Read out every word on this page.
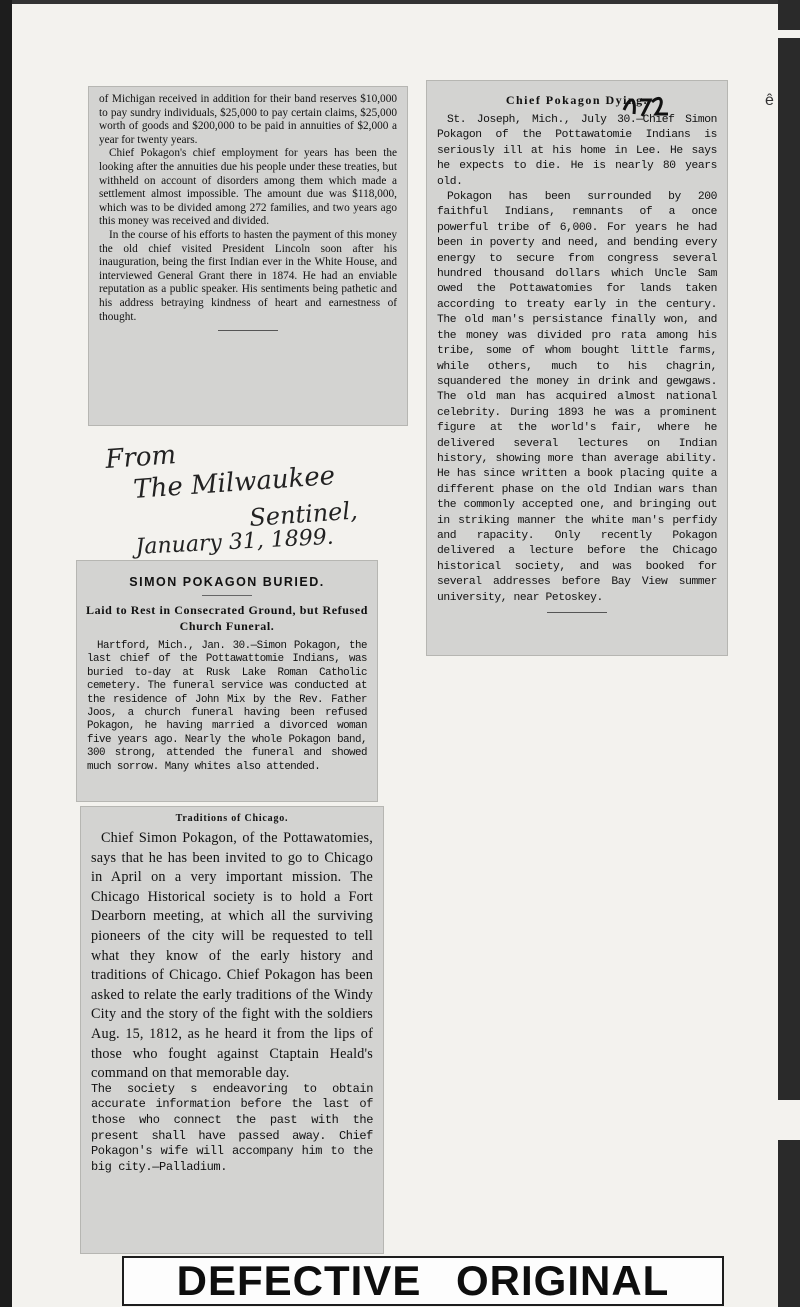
ê

of Michigan received in addition for their band reserves $10,000 to pay sundry individuals, $25,000 to pay certain claims, $25,000 worth of goods and $200,000 to be paid in annuities of $2,000 a year for twenty years.

Chief Pokagon's chief employment for years has been the looking after the annuities due his people under these treaties, but withheld on account of disorders among them which made a settlement almost impossible. The amount due was $118,000, which was to be divided among 272 families, and two years ago this money was received and divided.

In the course of his efforts to hasten the payment of this money the old chief visited President Lincoln soon after his inauguration, being the first Indian ever in the White House, and interviewed General Grant there in 1874. He had an enviable reputation as a public speaker. His sentiments being pathetic and his address betraying kindness of heart and earnestness of thought.

Chief Pokagon Dying.

St. Joseph, Mich., July 30.—Chief Simon Pokagon of the Pottawatomie Indians is seriously ill at his home in Lee. He says he expects to die. He is nearly 80 years old.

Pokagon has been surrounded by 200 faithful Indians, remnants of a once powerful tribe of 6,000. For years he had been in poverty and need, and bending every energy to secure from congress several hundred thousand dollars which Uncle Sam owed the Pottawatomies for lands taken according to treaty early in the century. The old man's persistance finally won, and the money was divided pro rata among his tribe, some of whom bought little farms, while others, much to his chagrin, squandered the money in drink and gewgaws. The old man has acquired almost national celebrity. During 1893 he was a prominent figure at the world's fair, where he delivered several lectures on Indian history, showing more than average ability. He has since written a book placing quite a different phase on the old Indian wars than the commonly accepted one, and bringing out in striking manner the white man's perfidy and rapacity. Only recently Pokagon delivered a lecture before the Chicago historical society, and was booked for several addresses before Bay View summer university, near Petoskey.

From
The Milwaukee
Sentinel,
January 31, 1899.
SIMON POKAGON BURIED.
Laid to Rest in Consecrated Ground, but Refused Church Funeral.

Hartford, Mich., Jan. 30.—Simon Pokagon, the last chief of the Pottawattomie Indians, was buried to-day at Rusk Lake Roman Catholic cemetery. The funeral service was conducted at the residence of John Mix by the Rev. Father Joos, a church funeral having been refused Pokagon, he having married a divorced woman five years ago. Nearly the whole Pokagon band, 300 strong, attended the funeral and showed much sorrow. Many whites also attended.

Traditions of Chicago.

Chief Simon Pokagon, of the Pottawatomies, says that he has been invited to go to Chicago in April on a very important mission. The Chicago Historical society is to hold a Fort Dearborn meeting, at which all the surviving pioneers of the city will be requested to tell what they know of the early history and traditions of Chicago. Chief Pokagon has been asked to relate the early traditions of the Windy City and the story of the fight with the soldiers Aug. 15, 1812, as he heard it from the lips of those who fought against Ctaptain Heald's command on that memorable day.

The society s endeavoring to obtain accurate information before the last of those who connect the past with the present shall have passed away. Chief Pokagon's wife will accompany him to the big city.—Palladium.

DEFECTIVE ORIGINAL
